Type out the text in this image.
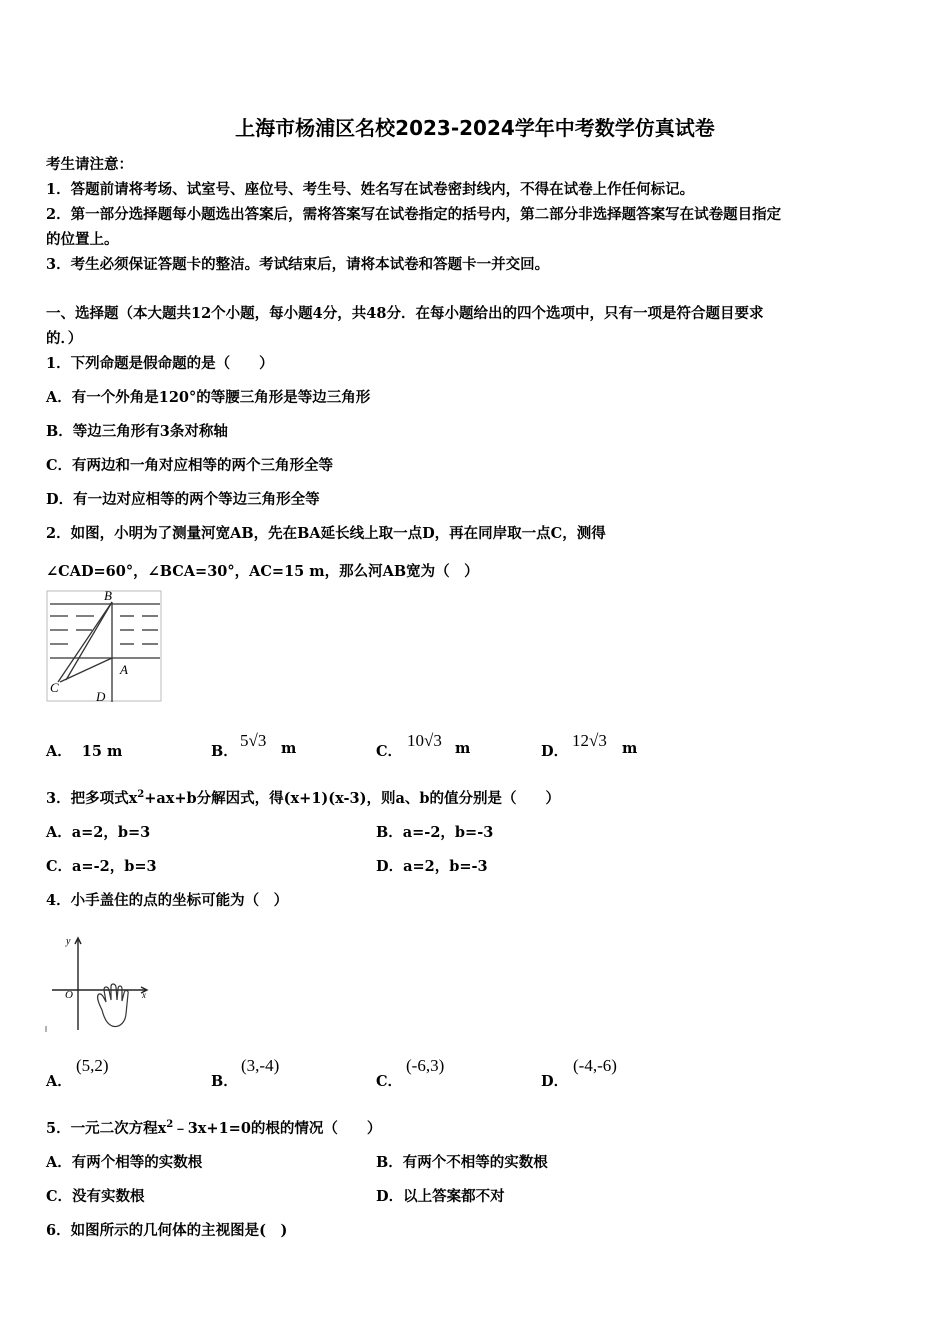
上海市杨浦区名校2023-2024学年中考数学仿真试卷
考生请注意：
1．答题前请将考场、试室号、座位号、考生号、姓名写在试卷密封线内，不得在试卷上作任何标记。
2．第一部分选择题每小题选出答案后，需将答案写在试卷指定的括号内，第二部分非选择题答案写在试卷题目指定
的位置上。
3．考生必须保证答题卡的整洁。考试结束后，请将本试卷和答题卡一并交回。
一、选择题（本大题共12个小题，每小题4分，共48分．在每小题给出的四个选项中，只有一项是符合题目要求
的．）
1．下列命题是假命题的是（　　）
A．有一个外角是120°的等腰三角形是等边三角形
B．等边三角形有3条对称轴
C．有两边和一角对应相等的两个三角形全等
D．有一边对应相等的两个等边三角形全等
2．如图，小明为了测量河宽AB，先在BA延长线上取一点D，再在同岸取一点C，测得
∠CAD=60°，∠BCA=30°，AC=15 m，那么河AB宽为（　）
B
A
C
D
A． 15 m	B．
5√3 m	C．
10√3 m	D．
12√3 m
3．把多项式$x^2+ax+b$分解因式，得(x+1)(x-3)，则a、b的值分别是（　　）
A．a=2，b=3	B．a=-2，b=-3
C．a=-2，b=3	D．a=2，b=-3
4．小手盖住的点的坐标可能为（　）
y
O	x
A．
(5,2)
B．
(3,-4)
C．
(-6,3)
D．
(-4,-6)
5．一元二次方程$x^2﹣3x+1=0$的根的情况（　　）
A．有两个相等的实数根	B．有两个不相等的实数根
C．没有实数根	D．以上答案都不对
6．如图所示的几何体的主视图是(　)
